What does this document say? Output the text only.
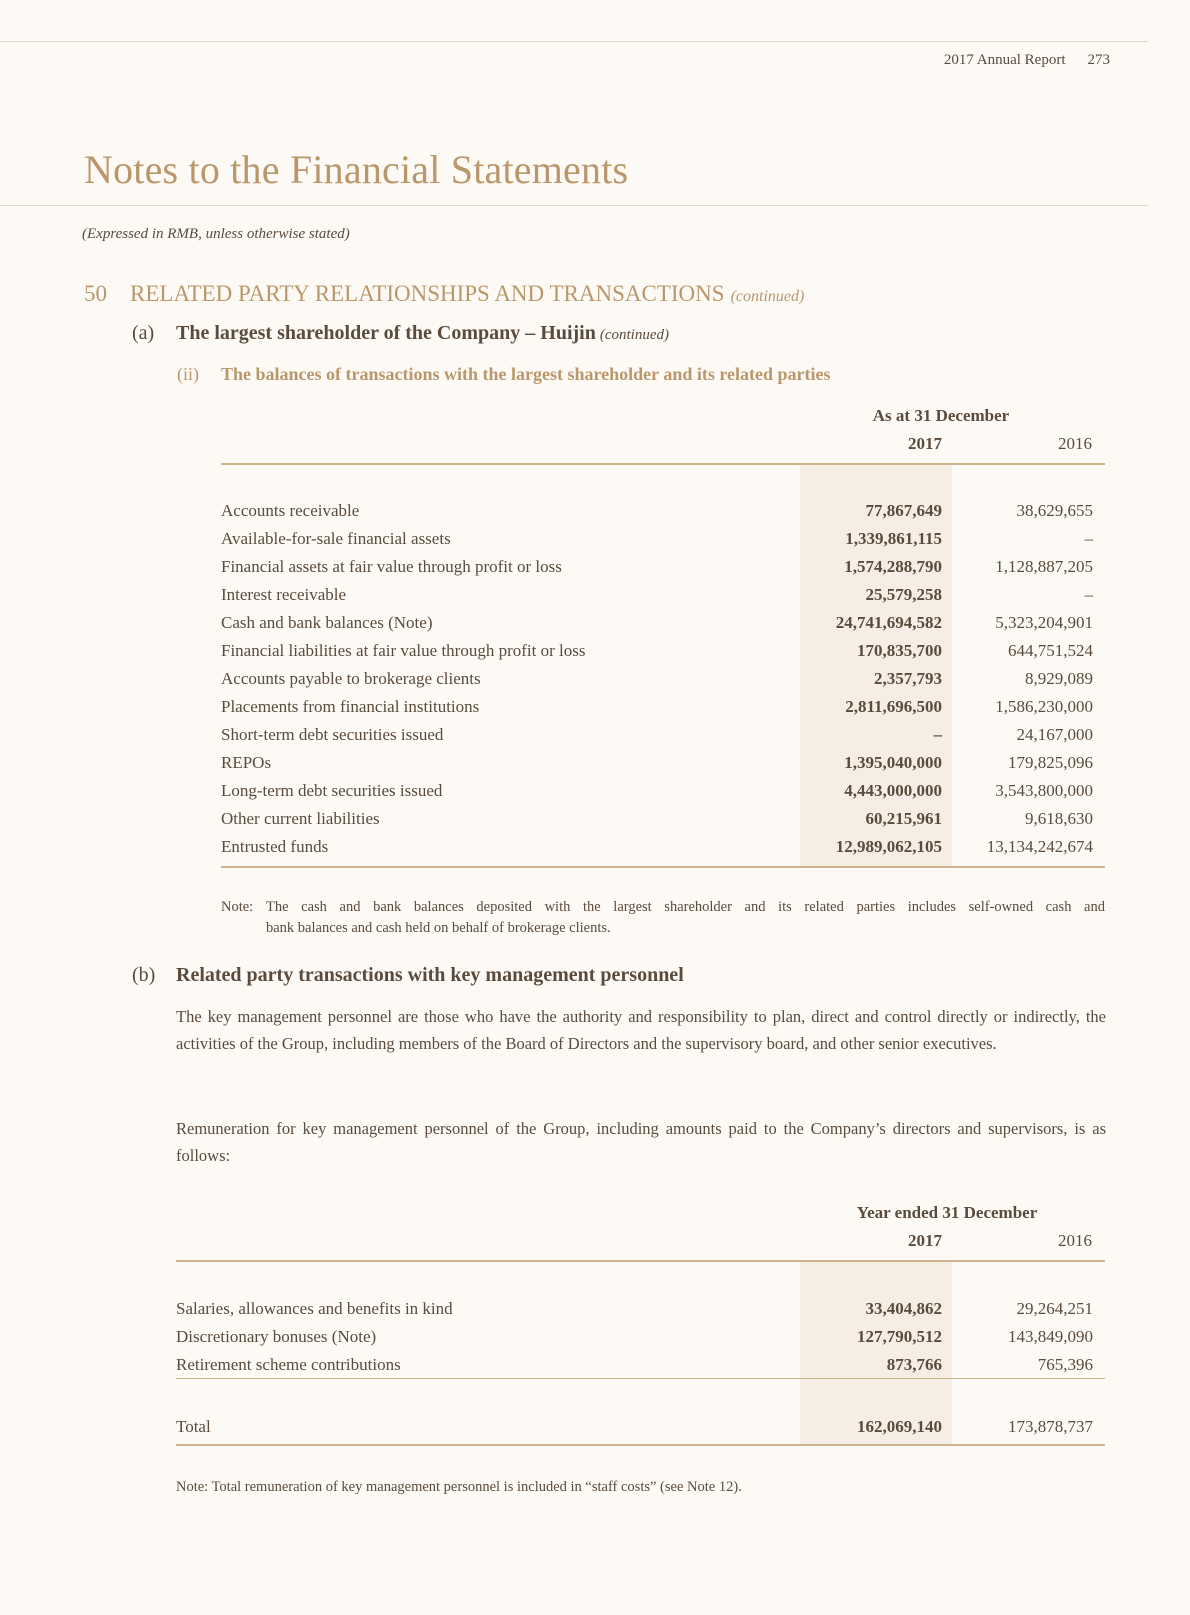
2017 Annual Report 273
Notes to the Financial Statements
(Expressed in RMB, unless otherwise stated)
50 RELATED PARTY RELATIONSHIPS AND TRANSACTIONS (continued)
(a) The largest shareholder of the Company – Huijin (continued)
(ii) The balances of transactions with the largest shareholder and its related parties
As at 31 December
2017	2016
Accounts receivable	77,867,649	38,629,655
Available-for-sale financial assets	1,339,861,115	–
Financial assets at fair value through profit or loss	1,574,288,790	1,128,887,205
Interest receivable	25,579,258	–
Cash and bank balances (Note)	24,741,694,582	5,323,204,901
Financial liabilities at fair value through profit or loss	170,835,700	644,751,524
Accounts payable to brokerage clients	2,357,793	8,929,089
Placements from financial institutions	2,811,696,500	1,586,230,000
Short-term debt securities issued	–	24,167,000
REPOs	1,395,040,000	179,825,096
Long-term debt securities issued	4,443,000,000	3,543,800,000
Other current liabilities	60,215,961	9,618,630
Entrusted funds	12,989,062,105	13,134,242,674
Note: The cash and bank balances deposited with the largest shareholder and its related parties includes self-owned cash and
bank balances and cash held on behalf of brokerage clients.
(b) Related party transactions with key management personnel
The key management personnel are those who have the authority and responsibility to plan, direct and control directly or indirectly, the activities of the Group, including members of the Board of Directors and the supervisory board, and other senior executives.
Remuneration for key management personnel of the Group, including amounts paid to the Company’s directors and supervisors, is as follows:
Year ended 31 December
2017	2016
Salaries, allowances and benefits in kind	33,404,862	29,264,251
Discretionary bonuses (Note)	127,790,512	143,849,090
Retirement scheme contributions	873,766	765,396
Total	162,069,140	173,878,737
Note: Total remuneration of key management personnel is included in “staff costs” (see Note 12).
